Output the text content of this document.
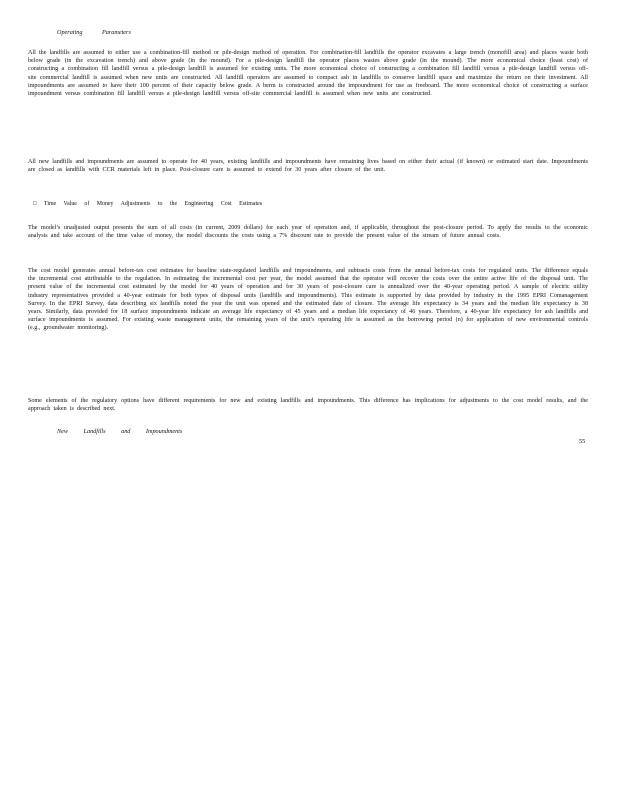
Operating Parameters

All the landfills are assumed to either use a combination-fill method or pile-design method of operation. For combination-fill landfills the operator excavates a large trench (monofill area) and places waste both below grade (in the excavation trench) and above grade (in the mound). For a pile-design landfill the operator places wastes above grade (in the mound). The more economical choice (least cost) of constructing a combination fill landfill versus a pile-design landfill is assumed for existing units. The more economical choice of constructing a combination fill landfill versus a pile-design landfill versus off-site commercial landfill is assumed when new units are constructed. All landfill operators are assumed to compact ash in landfills to conserve landfill space and maximize the return on their investment. All impoundments are assumed to have their 100 percent of their capacity below grade. A berm is constructed around the impoundment for use as freeboard. The more economical choice of constructing a surface impoundment versus combination fill landfill versus a pile-design landfill versus off-site commercial landfill is assumed when new units are constructed.

All new landfills and impoundments are assumed to operate for 40 years, existing landfills and impoundments have remaining lives based on either their actual (if known) or estimated start date. Impoundments are closed as landfills with CCR materials left in place. Post-closure care is assumed to extend for 30 years after closure of the unit.

□ Time Value of Money Adjustments to the Engineering Cost Estimates

The model’s unadjusted output presents the sum of all costs (in current, 2009 dollars) for each year of operation and, if applicable, throughout the post-closure period. To apply the results to the economic analysis and take account of the time value of money, the model discounts the costs using a 7% discount rate to provide the present value of the stream of future annual costs.

The cost model generates annual before-tax cost estimates for baseline state-regulated landfills and impoundments, and subtracts costs from the annual before-tax costs for regulated units. The difference equals the incremental cost attributable to the regulation. In estimating the incremental cost per year, the model assumed that the operator will recover the costs over the entire active life of the disposal unit. The present value of the incremental cost estimated by the model for 40 years of operation and for 30 years of post-closure care is annualized over the 40-year operating period. A sample of electric utility industry representatives provided a 40-year estimate for both types of disposal units (landfills and impoundments). This estimate is supported by data provided by industry in the 1995 EPRI Comanagement Survey. In the EPRI Survey, data describing six landfills noted the year the unit was opened and the estimated date of closure. The average life expectancy is 34 years and the median life expectancy is 38 years. Similarly, data provided for 18 surface impoundments indicate an average life expectancy of 45 years and a median life expectancy of 46 years. Therefore, a 40-year life expectancy for ash landfills and surface impoundments is assumed. For existing waste management units, the remaining years of the unit’s operating life is assumed as the borrowing period (n) for application of new environmental controls (e.g., groundwater monitoring).

Some elements of the regulatory options have different requirements for new and existing landfills and impoundments. This difference has implications for adjustments to the cost model results, and the approach taken is described next.

New Landfills and Impoundments
55
